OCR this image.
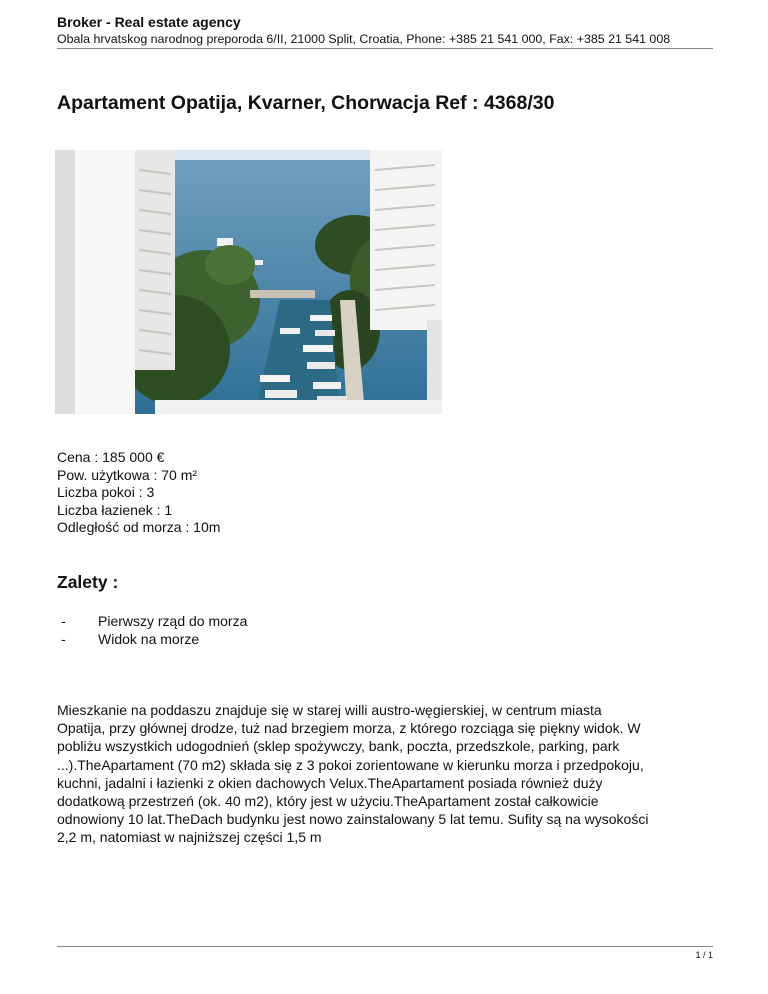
Broker - Real estate agency
Obala hrvatskog narodnog preporoda 6/II, 21000 Split, Croatia, Phone: +385 21 541 000, Fax: +385 21 541 008
Apartament Opatija, Kvarner, Chorwacja Ref : 4368/30
Cena : 185 000 €
Pow. użytkowa : 70 m²
Liczba pokoi : 3
Liczba łazienek : 1
Odległość od morza : 10m
Zalety :
- Pierwszy rząd do morza
- Widok na morze
Mieszkanie na poddaszu znajduje się w starej willi austro-węgierskiej, w centrum miasta
Opatija, przy głównej drodze, tuż nad brzegiem morza, z którego rozciąga się piękny widok. W
pobliżu wszystkich udogodnień (sklep spożywczy, bank, poczta, przedszkole, parking, park
...).TheApartament (70 m2) składa się z 3 pokoi zorientowane w kierunku morza i przedpokoju,
kuchni, jadalni i łazienki z okien dachowych Velux.TheApartament posiada również duży
dodatkową przestrzeń (ok. 40 m2), który jest w użyciu.TheApartament został całkowicie
odnowiony 10 lat.TheDach budynku jest nowo zainstalowany 5 lat temu. Sufity są na wysokości
2,2 m, natomiast w najniższej części 1,5 m
1 / 1
